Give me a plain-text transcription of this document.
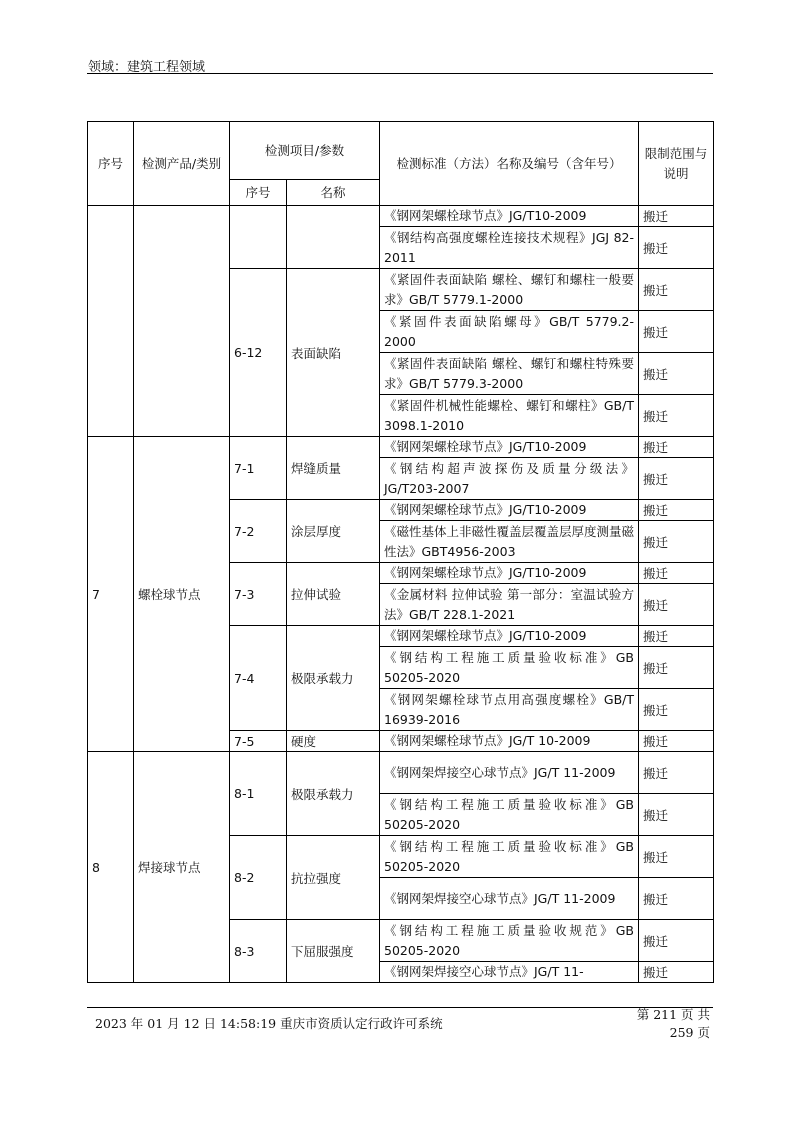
领域：建筑工程领域
序号	检测产品/类别	检测项目/参数		检测标准（方法）名称及编号（含年号）	限制范围与说明
		序号	名称		
				《钢网架螺栓球节点》JG/T10-2009	搬迁
				《钢结构高强度螺栓连接技术规程》JGJ 82-2011	搬迁
		6-12	表面缺陷	《紧固件表面缺陷 螺栓、螺钉和螺柱一般要求》GB/T 5779.1-2000	搬迁
				《紧固件表面缺陷螺母》GB/T 5779.2-2000	搬迁
				《紧固件表面缺陷 螺栓、螺钉和螺柱特殊要求》GB/T 5779.3-2000	搬迁
				《紧固件机械性能螺栓、螺钉和螺柱》GB/T 3098.1-2010	搬迁
7	螺栓球节点	7-1	焊缝质量	《钢网架螺栓球节点》JG/T10-2009	搬迁
				《钢结构超声波探伤及质量分级法》JG/T203-2007	搬迁
		7-2	涂层厚度	《钢网架螺栓球节点》JG/T10-2009	搬迁
				《磁性基体上非磁性覆盖层覆盖层厚度测量磁性法》GBT4956-2003	搬迁
		7-3	拉伸试验	《钢网架螺栓球节点》JG/T10-2009	搬迁
				《金属材料 拉伸试验 第一部分：室温试验方法》GB/T 228.1-2021	搬迁
		7-4	极限承载力	《钢网架螺栓球节点》JG/T10-2009	搬迁
				《钢结构工程施工质量验收标准》GB 50205-2020	搬迁
				《钢网架螺栓球节点用高强度螺栓》GB/T 16939-2016	搬迁
		7-5	硬度	《钢网架螺栓球节点》JG/T 10-2009	搬迁
8	焊接球节点	8-1	极限承载力	《钢网架焊接空心球节点》JG/T 11-2009	搬迁
				《钢结构工程施工质量验收标准》GB 50205-2020	搬迁
		8-2	抗拉强度	《钢结构工程施工质量验收标准》GB 50205-2020	搬迁
				《钢网架焊接空心球节点》JG/T 11-2009	搬迁
		8-3	下屈服强度	《钢结构工程施工质量验收规范》GB 50205-2020	搬迁
				《钢网架焊接空心球节点》JG/T 11-	搬迁
2023 年 01 月 12 日 14:58:19 重庆市资质认定行政许可系统
第 211 页 共 259 页
